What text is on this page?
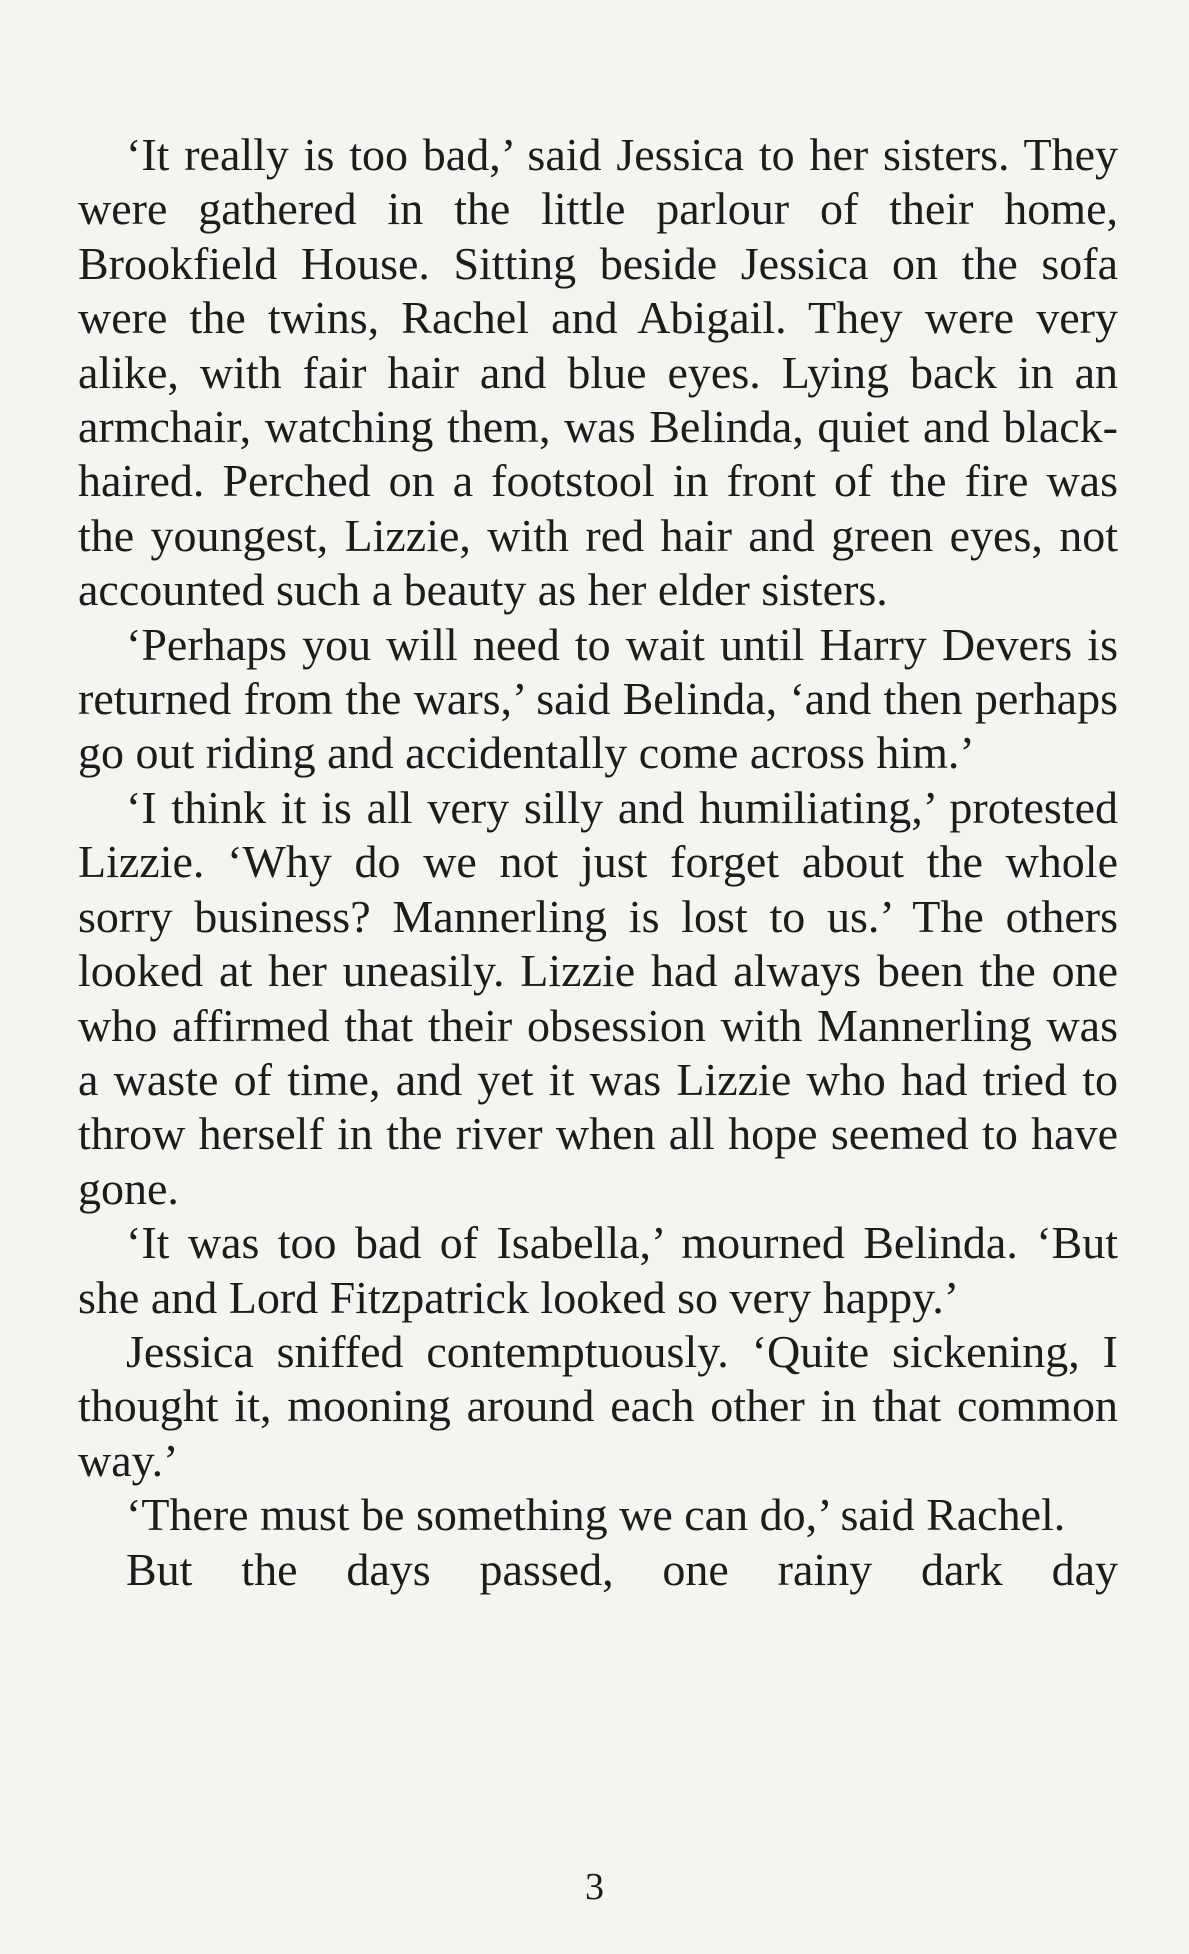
‘It really is too bad,’ said Jessica to her sisters. They were gathered in the little parlour of their home, Brookfield House. Sitting beside Jessica on the sofa were the twins, Rachel and Abigail. They were very alike, with fair hair and blue eyes. Lying back in an armchair, watching them, was Belinda, quiet and black-haired. Perched on a footstool in front of the fire was the youngest, Lizzie, with red hair and green eyes, not accounted such a beauty as her elder sisters.

‘Perhaps you will need to wait until Harry Devers is returned from the wars,’ said Belinda, ‘and then perhaps go out riding and accidentally come across him.’

‘I think it is all very silly and humiliating,’ protested Lizzie. ‘Why do we not just forget about the whole sorry business? Mannerling is lost to us.’ The others looked at her uneasily. Lizzie had always been the one who affirmed that their obsession with Mannerling was a waste of time, and yet it was Lizzie who had tried to throw herself in the river when all hope seemed to have gone.

‘It was too bad of Isabella,’ mourned Belinda. ‘But she and Lord Fitzpatrick looked so very happy.’

Jessica sniffed contemptuously. ‘Quite sickening, I thought it, mooning around each other in that common way.’

‘There must be something we can do,’ said Rachel.

But the days passed, one rainy dark day

3
